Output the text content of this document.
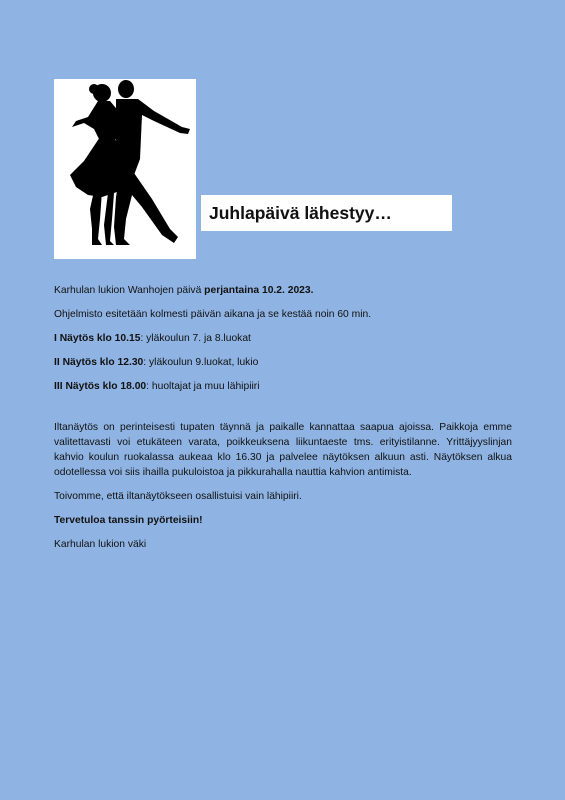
Juhlapäivä lähestyy…

Karhulan lukion Wanhojen päivä perjantaina 10.2. 2023.

Ohjelmisto esitetään kolmesti päivän aikana ja se kestää noin 60 min.

I Näytös klo 10.15: yläkoulun 7. ja 8.luokat

II Näytös klo 12.30: yläkoulun 9.luokat, lukio

III Näytös klo 18.00: huoltajat ja muu lähipiiri

Iltanäytös on perinteisesti tupaten täynnä ja paikalle kannattaa saapua ajoissa. Paikkoja emme valitettavasti voi etukäteen varata, poikkeuksena liikuntaeste tms. erityistilanne. Yrittäjyyslinjan kahvio koulun ruokalassa aukeaa klo 16.30 ja palvelee näytöksen alkuun asti. Näytöksen alkua odotellessa voi siis ihailla pukuloistoa ja pikkurahalla nauttia kahvion antimista.

Toivomme, että iltanäytökseen osallistuisi vain lähipiiri.

Tervetuloa tanssin pyörteisiin!

Karhulan lukion väki
